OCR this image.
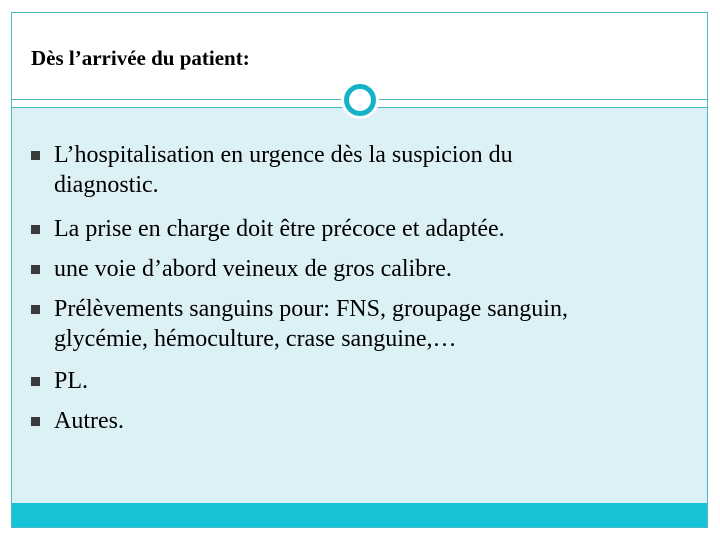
Dès l’arrivée du patient:
L’hospitalisation en urgence dès la suspicion du
diagnostic.
La prise en charge doit être précoce et adaptée.
une voie d’abord veineux de gros calibre.
Prélèvements sanguins pour: FNS, groupage sanguin,
glycémie, hémoculture, crase sanguine,…
PL.
Autres.
